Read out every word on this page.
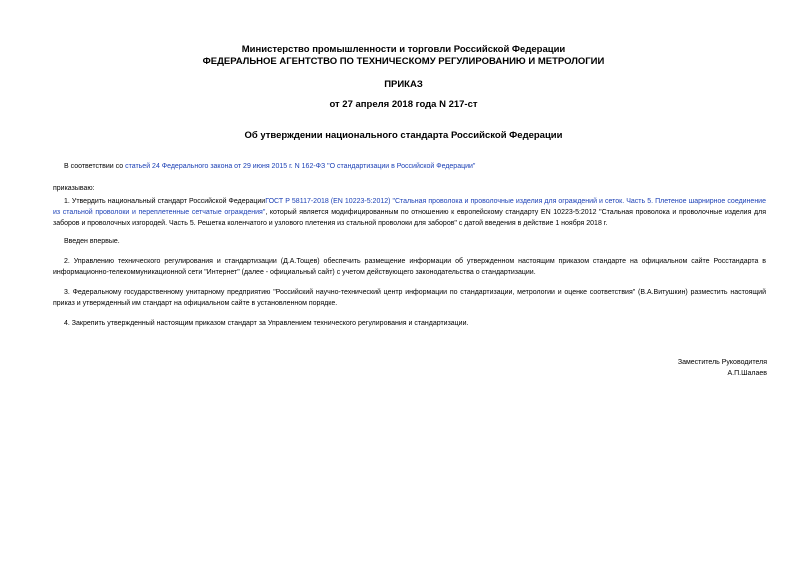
Министерство промышленности и торговли Российской Федерации
ФЕДЕРАЛЬНОЕ АГЕНТСТВО ПО ТЕХНИЧЕСКОМУ РЕГУЛИРОВАНИЮ И МЕТРОЛОГИИ
ПРИКАЗ
от 27 апреля 2018 года N 217-ст
Об утверждении национального стандарта Российской Федерации
В соответствии со статьей 24 Федерального закона от 29 июня 2015 г. N 162-ФЗ "О стандартизации в Российской Федерации"
приказываю:
1. Утвердить национальный стандарт Российской ФедерацииГОСТ Р 58117-2018 (EN 10223-5:2012) "Стальная проволока и проволочные изделия для ограждений и сеток. Часть 5. Плетеное шарнирное соединение из стальной проволоки и переплетенные сетчатые ограждения", который является модифицированным по отношению к европейскому стандарту EN 10223-5:2012 "Стальная проволока и проволочные изделия для заборов и проволочных изгородей. Часть 5. Решетка коленчатого и узлового плетения из стальной проволоки для заборов" с датой введения в действие 1 ноября 2018 г.
Введен впервые.
2. Управлению технического регулирования и стандартизации (Д.А.Тощев) обеспечить размещение информации об утвержденном настоящим приказом стандарте на официальном сайте Росстандарта в информационно-телекоммуникационной сети "Интернет" (далее - официальный сайт) с учетом действующего законодательства о стандартизации.
3. Федеральному государственному унитарному предприятию "Российский научно-технический центр информации по стандартизации, метрологии и оценке соответствия" (В.А.Витушкин) разместить настоящий приказ и утвержденный им стандарт на официальном сайте в установленном порядке.
4. Закрепить утвержденный настоящим приказом стандарт за Управлением технического регулирования и стандартизации.
Заместитель Руководителя
А.П.Шалаев
